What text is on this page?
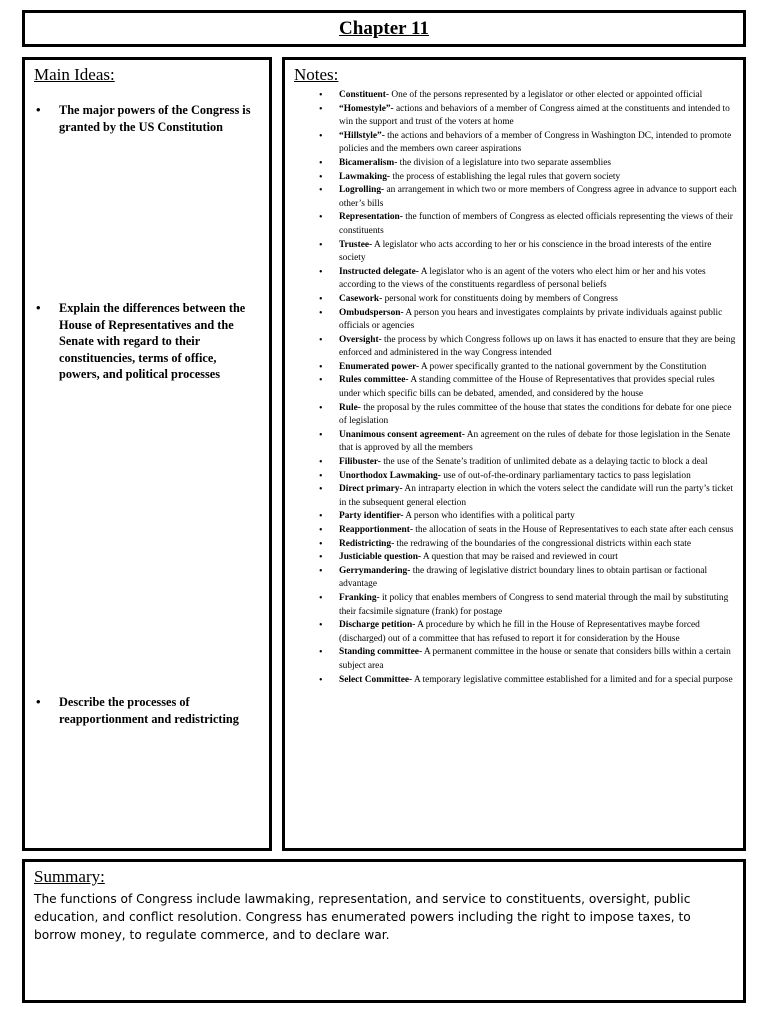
Chapter 11
Main Ideas:

• The major powers of the Congress is granted by the US Constitution

• Explain the differences between the House of Representatives and the Senate with regard to their constituencies, terms of office, powers, and political processes

• Describe the processes of reapportionment and redistricting

Notes:
• Constituent- One of the persons represented by a legislator or other elected or appointed official
• “Homestyle”- actions and behaviors of a member of Congress aimed at the constituents and intended to win the support and trust of the voters at home
• “Hillstyle”- the actions and behaviors of a member of Congress in Washington DC, intended to promote policies and the members own career aspirations
• Bicameralism- the division of a legislature into two separate assemblies
• Lawmaking- the process of establishing the legal rules that govern society
• Logrolling- an arrangement in which two or more members of Congress agree in advance to support each other’s bills
• Representation- the function of members of Congress as elected officials representing the views of their constituents
• Trustee- A legislator who acts according to her or his conscience in the broad interests of the entire society
• Instructed delegate- A legislator who is an agent of the voters who elect him or her and his votes according to the views of the constituents regardless of personal beliefs
• Casework- personal work for constituents doing by members of Congress
• Ombudsperson- A person you hears and investigates complaints by private individuals against public officials or agencies
• Oversight- the process by which Congress follows up on laws it has enacted to ensure that they are being enforced and administered in the way Congress intended
• Enumerated power- A power specifically granted to the national government by the Constitution
• Rules committee- A standing committee of the House of Representatives that provides special rules under which specific bills can be debated, amended, and considered by the house
• Rule- the proposal by the rules committee of the house that states the conditions for debate for one piece of legislation
• Unanimous consent agreement- An agreement on the rules of debate for those legislation in the Senate that is approved by all the members
• Filibuster- the use of the Senate’s tradition of unlimited debate as a delaying tactic to block a deal
• Unorthodox Lawmaking- use of out-of-the-ordinary parliamentary tactics to pass legislation
• Direct primary- An intraparty election in which the voters select the candidate will run the party’s ticket in the subsequent general election
• Party identifier- A person who identifies with a political party
• Reapportionment- the allocation of seats in the House of Representatives to each state after each census
• Redistricting- the redrawing of the boundaries of the congressional districts within each state
• Justiciable question- A question that may be raised and reviewed in court
• Gerrymandering- the drawing of legislative district boundary lines to obtain partisan or factional advantage
• Franking- it policy that enables members of Congress to send material through the mail by substituting their facsimile signature (frank) for postage
• Discharge petition- A procedure by which he fill in the House of Representatives maybe forced (discharged) out of a committee that has refused to report it for consideration by the House
• Standing committee- A permanent committee in the house or senate that considers bills within a certain subject area
• Select Committee- A temporary legislative committee established for a limited and for a special purpose
Summary:

The functions of Congress include lawmaking, representation, and service to constituents, oversight, public education, and conflict resolution. Congress has enumerated powers including the right to impose taxes, to borrow money, to regulate commerce, and to declare war.
